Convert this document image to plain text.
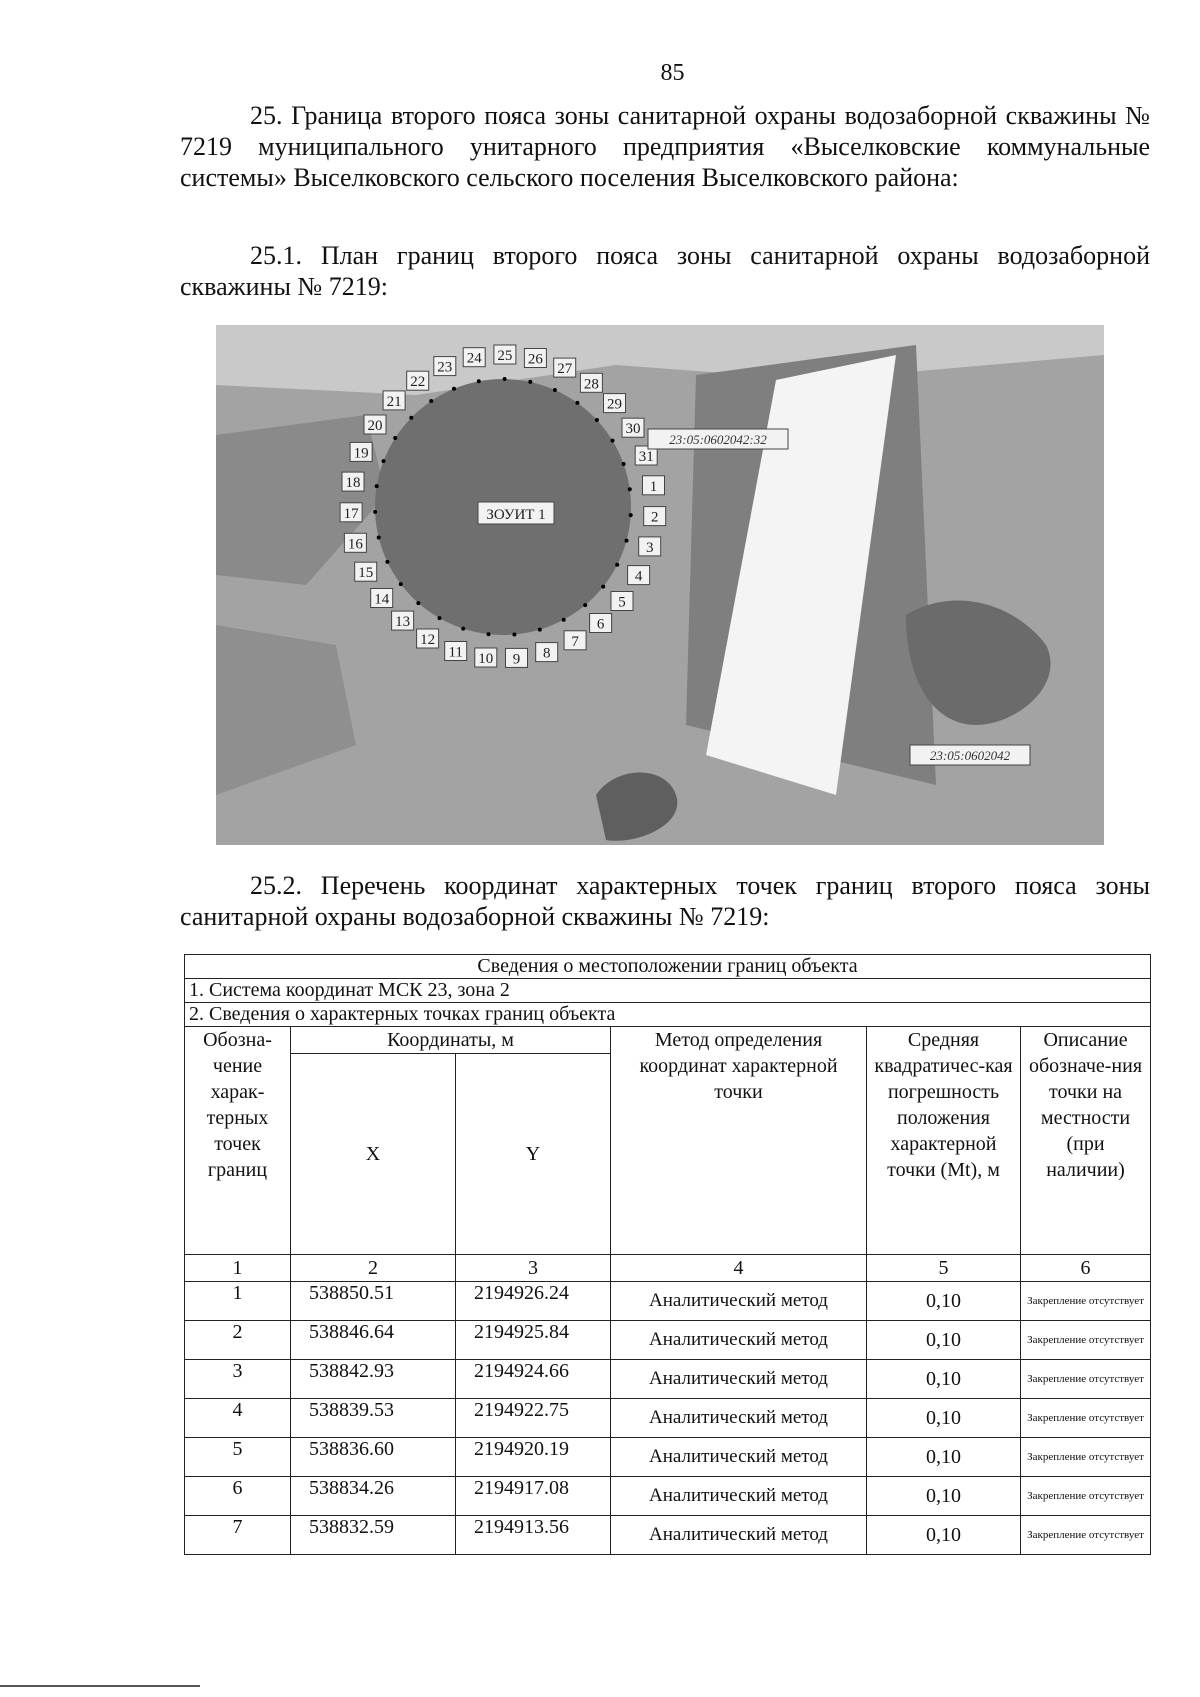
85
25. Граница второго пояса зоны санитарной охраны водозаборной скважины № 7219 муниципального унитарного предприятия «Выселковские коммунальные системы» Выселковского сельского поселения Выселковского района:
25.1. План границ второго пояса зоны санитарной охраны водозаборной скважины № 7219:
1
2
3
4
5
6
7
8
9
10
11
12
13
14
15
16
17
18
19
20
21
22
23
24 25 26
27
28
29
30
31
ЗОУИТ 1
23:05:0602042:32
23:05:0602042
25.2. Перечень координат характерных точек границ второго пояса зоны санитарной охраны водозаборной скважины № 7219:
Сведения о местоположении границ объекта					
1. Система координат МСК 23, зона 2					
2. Сведения о характерных точках границ объекта					
Обозна-чение харак-терных точек границ	Координаты, м		Метод определения координат характерной точки	Средняя квадратичес-кая погрешность положения характерной точки (Mt), м	Описание обозначе-ния точки на местности (при наличии)
	X	Y			
1	2	3	4	5	6
1	538850.51	2194926.24	Аналитический метод	0,10	Закрепление отсутствует
2	538846.64	2194925.84	Аналитический метод	0,10	Закрепление отсутствует
3	538842.93	2194924.66	Аналитический метод	0,10	Закрепление отсутствует
4	538839.53	2194922.75	Аналитический метод	0,10	Закрепление отсутствует
5	538836.60	2194920.19	Аналитический метод	0,10	Закрепление отсутствует
6	538834.26	2194917.08	Аналитический метод	0,10	Закрепление отсутствует
7	538832.59	2194913.56	Аналитический метод	0,10	Закрепление отсутствует
